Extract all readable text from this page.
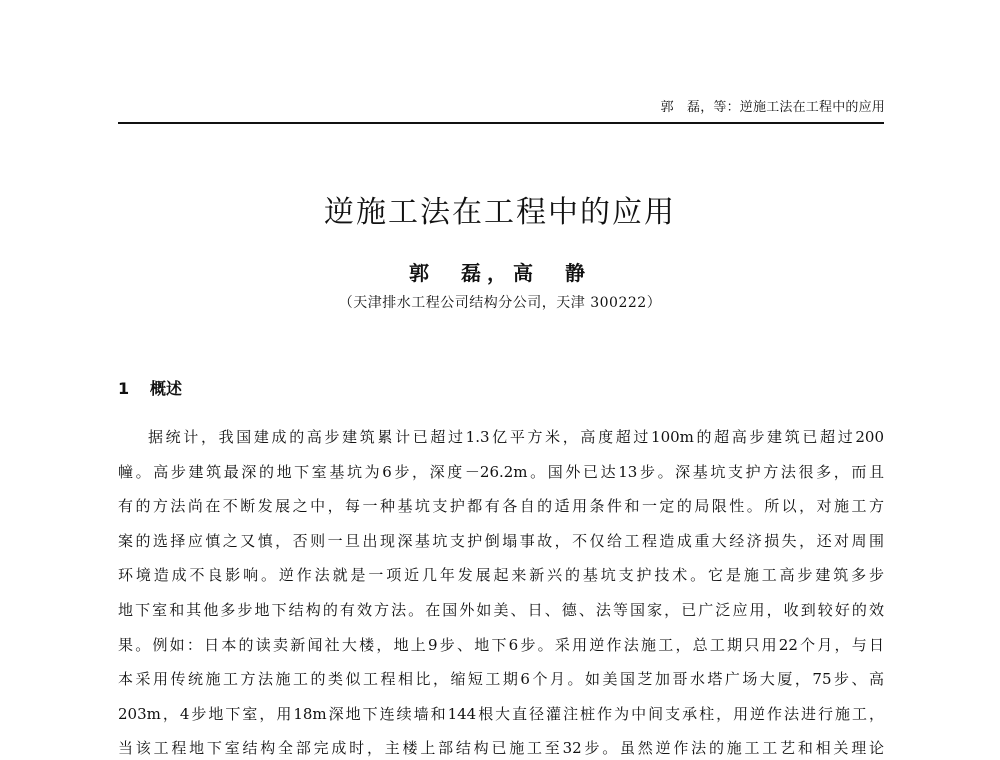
郭　磊，等：逆施工法在工程中的应用
逆施工法在工程中的应用
郭　磊，高　静
（天津排水工程公司结构分公司，天津 300222）
1 概述
据统计，我国建成的高步建筑累计已超过1.3亿平方米，高度超过100m的超高步建筑已超过200
幢。高步建筑最深的地下室基坑为6步，深度－26.2m。国外已达13步。深基坑支护方法很多，而且
有的方法尚在不断发展之中，每一种基坑支护都有各自的适用条件和一定的局限性。所以，对施工方
案的选择应慎之又慎，否则一旦出现深基坑支护倒塌事故，不仅给工程造成重大经济损失，还对周围
环境造成不良影响。逆作法就是一项近几年发展起来新兴的基坑支护技术。它是施工高步建筑多步
地下室和其他多步地下结构的有效方法。在国外如美、日、德、法等国家，已广泛应用，收到较好的效
果。例如：日本的读卖新闻社大楼，地上9步、地下6步。采用逆作法施工，总工期只用22个月，与日
本采用传统施工方法施工的类似工程相比，缩短工期6个月。如美国芝加哥水塔广场大厦，75步、高
203m，4步地下室，用18m深地下连续墙和144根大直径灌注桩作为中间支承柱，用逆作法进行施工，
当该工程地下室结构全部完成时，主楼上部结构已施工至32步。虽然逆作法的施工工艺和相关理论
